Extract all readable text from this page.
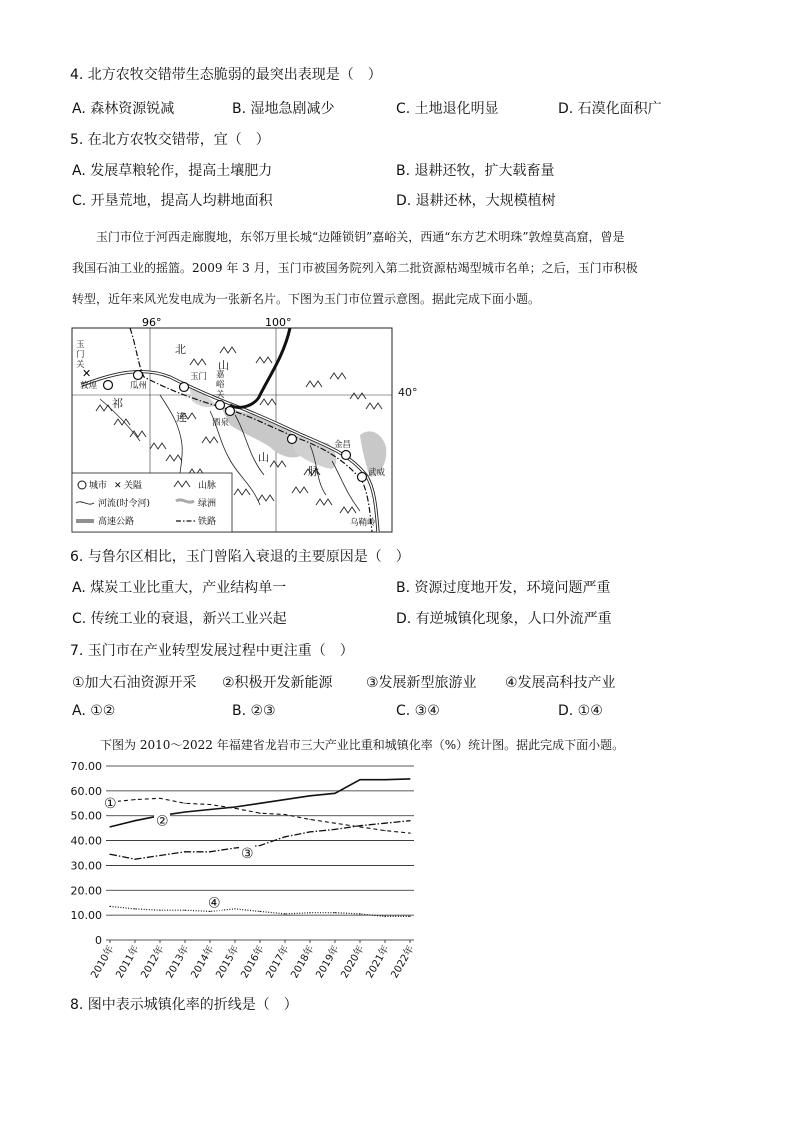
4. 北方农牧交错带生态脆弱的最突出表现是（　）
A. 森林资源锐减	B. 湿地急剧减少	C. 土地退化明显	D. 石漠化面积广
5. 在北方农牧交错带，宜（　）
A. 发展草粮轮作，提高土壤肥力	B. 退耕还牧，扩大载畜量
C. 开垦荒地，提高人均耕地面积	D. 退耕还林，大规模植树
玉门市位于河西走廊腹地，东邻万里长城“边陲锁钥”嘉峪关，西通“东方艺术明珠”敦煌莫高窟，曾是
我国石油工业的摇篮。2009 年 3 月，玉门市被国务院列入第二批资源枯竭型城市名单；之后，玉门市积极
转型，近年来风光发电成为一张新名片。下图为玉门市位置示意图。据此完成下面小题。
96°	100°
✕
玉
门
关
敦煌	瓜州
玉门 嘉
峪
关
酒泉
金昌
武威
乌鞘岭
北
山
祁
连
山
脉
城市 ✕ 关隘	山脉
河流(时令河)	绿洲
高速公路	铁路
40°
6. 与鲁尔区相比，玉门曾陷入衰退的主要原因是（　）
A. 煤炭工业比重大，产业结构单一	B. 资源过度地开发，环境问题严重
C. 传统工业的衰退，新兴工业兴起	D. 有逆城镇化现象，人口外流严重
7. 玉门市在产业转型发展过程中更注重（　）
①加大石油资源开采 ②积极开发新能源 ③发展新型旅游业 ④发展高科技产业
A. ①②	B. ②③	C. ③④	D. ①④
下图为 2010～2022 年福建省龙岩市三大产业比重和城镇化率（%）统计图。据此完成下面小题。
70.00
60.00
50.00
40.00
30.00
20.00
10.00
0
2010年
2011年
2012年
2013年
2014年
2015年
2016年
2017年
2018年
2019年
2020年
2021年
2022年
①
②
③
④
8. 图中表示城镇化率的折线是（　）
